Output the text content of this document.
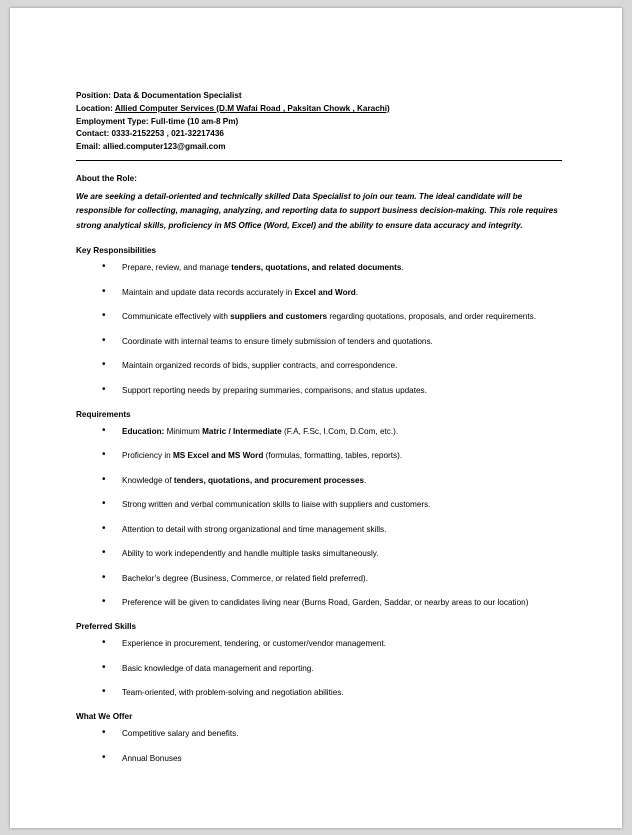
Position: Data & Documentation Specialist
Location: Allied Computer Services (D.M Wafai Road , Paksitan Chowk , Karachi)
Employment Type: Full-time (10 am-8 Pm)
Contact: 0333-2152253 , 021-32217436
Email: allied.computer123@gmail.com
About the Role:
We are seeking a detail-oriented and technically skilled Data Specialist to join our team. The ideal candidate will be responsible for collecting, managing, analyzing, and reporting data to support business decision-making. This role requires strong analytical skills, proficiency in MS Office (Word, Excel) and the ability to ensure data accuracy and integrity.
Key Responsibilities
• Prepare, review, and manage tenders, quotations, and related documents.
• Maintain and update data records accurately in Excel and Word.
• Communicate effectively with suppliers and customers regarding quotations, proposals, and order requirements.
• Coordinate with internal teams to ensure timely submission of tenders and quotations.
• Maintain organized records of bids, supplier contracts, and correspondence.
• Support reporting needs by preparing summaries, comparisons, and status updates.
Requirements
• Education: Minimum Matric / Intermediate (F.A, F.Sc, I.Com, D.Com, etc.).
• Proficiency in MS Excel and MS Word (formulas, formatting, tables, reports).
• Knowledge of tenders, quotations, and procurement processes.
• Strong written and verbal communication skills to liaise with suppliers and customers.
• Attention to detail with strong organizational and time management skills.
• Ability to work independently and handle multiple tasks simultaneously.
• Bachelor’s degree (Business, Commerce, or related field preferred).
• Preference will be given to candidates living near (Burns Road, Garden, Saddar, or nearby areas to our location)
Preferred Skills
• Experience in procurement, tendering, or customer/vendor management.
• Basic knowledge of data management and reporting.
• Team-oriented, with problem-solving and negotiation abilities.
What We Offer
• Competitive salary and benefits.
• Annual Bonuses
